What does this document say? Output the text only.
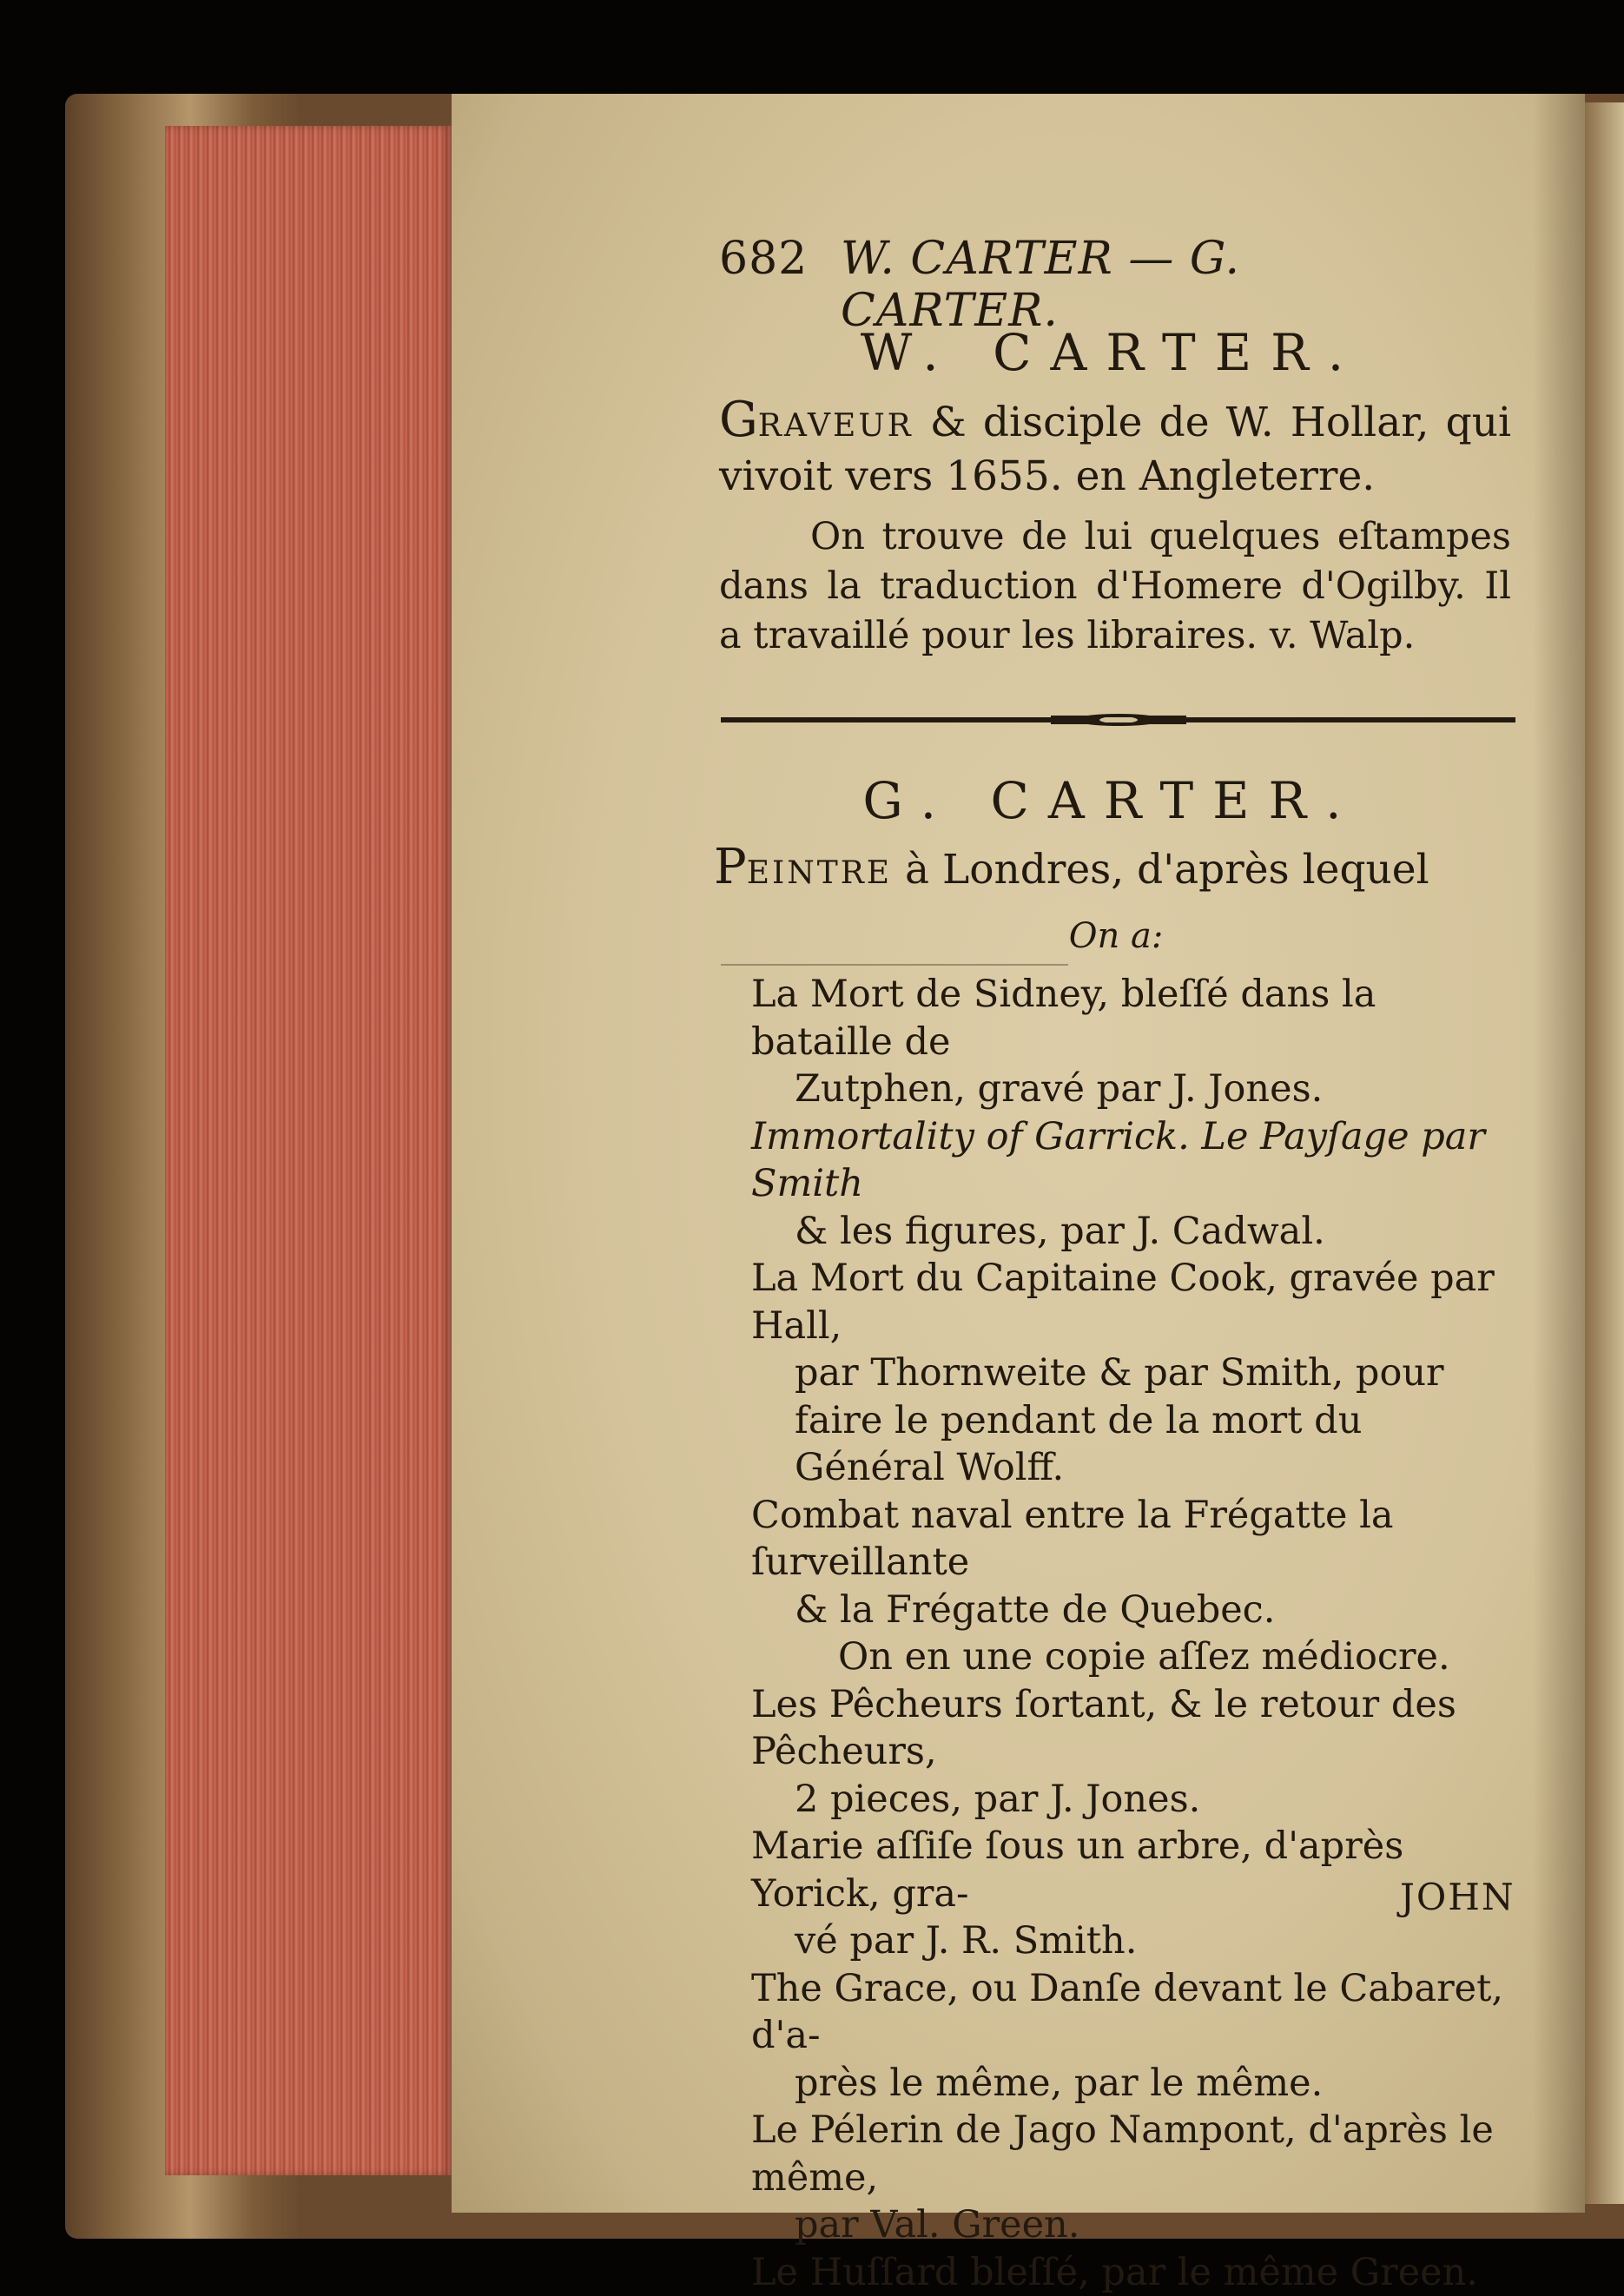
682 W. CARTER — G. CARTER.
W. CARTER.
GRAVEUR & disciple de W. Hollar, qui vivoit vers 1655. en Angleterre.
On trouve de lui quelques eſtampes dans la traduction d'Homere d'Ogilby. Il a travaillé pour les libraires. v. Walp.
G. CARTER.
PEINTRE à Londres, d'après lequel
On a:
La Mort de Sidney, bleſſé dans la bataille de
Zutphen, gravé par J. Jones.
Immortality of Garrick. Le Payſage par Smith
& les figures, par J. Cadwal.
La Mort du Capitaine Cook, gravée par Hall,
par Thornweite & par Smith, pour faire le pendant de la mort du Général Wolff.
Combat naval entre la Frégatte la ſurveillante
& la Frégatte de Quebec.
On en une copie aſſez médiocre.
Les Pêcheurs ſortant, & le retour des Pêcheurs,
2 pieces, par J. Jones.
Marie aſſiſe ſous un arbre, d'après Yorick, gra-
vé par J. R. Smith.
The Grace, ou Danſe devant le Cabaret, d'a-
près le même, par le même.
Le Pélerin de Jago Nampont, d'après le même,
par Val. Green.
Le Huſſard bleſſé, par le même Green.
JOHN
